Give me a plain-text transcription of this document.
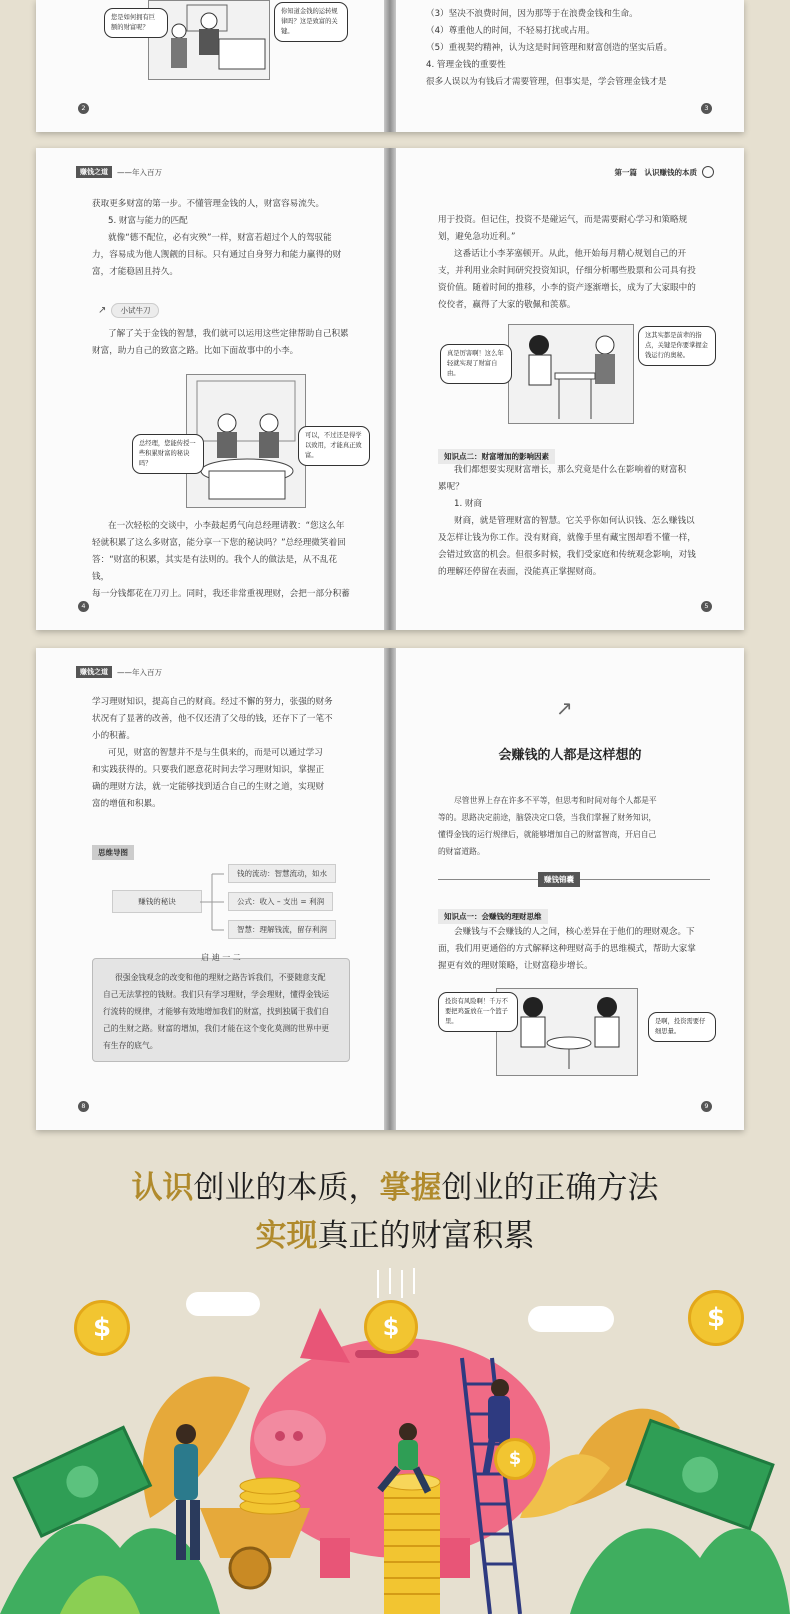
您是如何拥有巨额的财富呢？
你知道金钱的运转规律吗？这是致富的关键。
2

（3）坚决不浪费时间，因为那等于在浪费金钱和生命。

（4）尊重他人的时间，不轻易打扰或占用。

（5）重视契约精神，认为这是时间管理和财富创造的坚实后盾。

4. 管理金钱的重要性

很多人误以为有钱后才需要管理，但事实是，学会管理金钱才是

3
赚钱之道	——年入百万

获取更多财富的第一步。不懂管理金钱的人，财富容易流失。

5. 财富与能力的匹配

就像“德不配位，必有灾殃”一样，财富若超过个人的驾驭能

力，容易成为他人觊觎的目标。只有通过自身努力和能力赢得的财

富，才能稳固且持久。

↗ 小试牛刀

了解了关于金钱的智慧，我们就可以运用这些定律帮助自己积累

财富，助力自己的致富之路。比如下面故事中的小李。

总经理，您能传授一些积累财富的秘诀吗？
可以，不过还是得学以致用，才能真正致富。

在一次轻松的交谈中，小李鼓起勇气向总经理请教：“您这么年

轻就积累了这么多财富，能分享一下您的秘诀吗？”总经理微笑着回

答：“财富的积累，其实是有法则的。我个人的做法是，从不乱花钱，

每一分钱都花在刀刃上。同时，我还非常重视理财，会把一部分积蓄

4
第一篇　认识赚钱的本质

用于投资。但记住，投资不是碰运气，而是需要耐心学习和策略规

划，避免急功近利。”

这番话让小李茅塞顿开。从此，他开始每月精心规划自己的开

支，并利用业余时间研究投资知识，仔细分析哪些股票和公司具有投

资价值。随着时间的推移，小李的资产逐渐增长，成为了大家眼中的

佼佼者，赢得了大家的敬佩和羡慕。

真是厉害啊！这么年轻就实现了财富自由。
这其实都是前辈的指点，关键是你要掌握金钱运行的奥秘。
知识点二：财富增加的影响因素

我们都想要实现财富增长，那么究竟是什么在影响着的财富积

累呢？

1. 财商

财商，就是管理财富的智慧。它关乎你如何认识钱、怎么赚钱以

及怎样让钱为你工作。没有财商，就像手里有藏宝图却看不懂一样，

会错过致富的机会。但很多时候，我们受家庭和传统观念影响，对钱

的理解还停留在表面，没能真正掌握财商。

5
赚钱之道	——年入百万

学习理财知识，提高自己的财商。经过不懈的努力，张强的财务

状况有了显著的改善，他不仅还清了父母的钱，还存下了一笔不

小的积蓄。

可见，财富的智慧并不是与生俱来的，而是可以通过学习

和实践获得的。只要我们愿意花时间去学习理财知识，掌握正

确的理财方法，就一定能够找到适合自己的生财之道，实现财

富的增值和积累。

思维导图
赚钱的秘诀
钱的流动：智慧流动，如水
公式：收入 – 支出 = 利润
智慧：理解钱流，留存利润
启 迪 一 二

很强金钱观念的改变和他的理财之路告诉我们，不要随意支配

自己无法掌控的钱财。我们只有学习理财，学会理财，懂得金钱运

行流转的规律，才能够有效地增加我们的财富，找到独属于我们自

己的生财之路。财富的增加，我们才能在这个变化莫测的世界中更

有生存的底气。

8
↗
会赚钱的人都是这样想的

尽管世界上存在许多不平等，但思考和时间对每个人都是平

等的。思路决定前途，脑袋决定口袋，当我们掌握了财务知识，

懂得金钱的运行规律后，就能够增加自己的财富智商，开启自己

的财富道路。

赚钱锦囊
知识点一：会赚钱的理财思维

会赚钱与不会赚钱的人之间，核心差异在于他们的理财观念。下

面，我们用更通俗的方式解释这种理财高手的思维模式，帮助大家掌

握更有效的理财策略，让财富稳步增长。

投资有风险啊！千万不要把鸡蛋放在一个篮子里。	是啊，投资需要仔细思量。
9
认识创业的本质，掌握创业的正确方法
实现真正的财富积累
$	$	$
$
